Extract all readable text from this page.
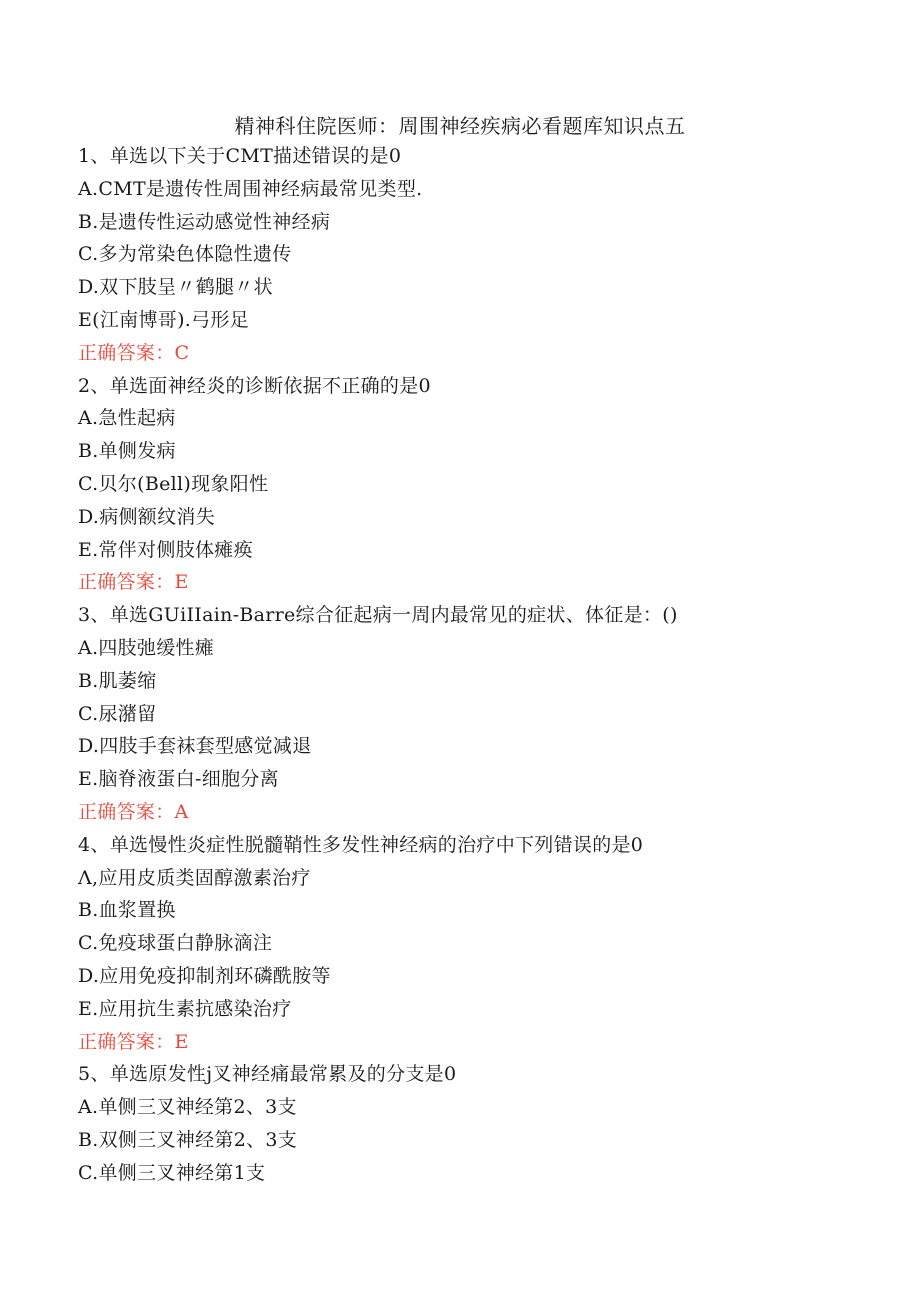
精神科住院医师：周围神经疾病必看题库知识点五
1、单选以下关于CMT描述错误的是0
A.CMT是遗传性周围神经病最常见类型.
B.是遗传性运动感觉性神经病
C.多为常染色体隐性遗传
D.双下肢呈〃鹤腿〃状
E(江南博哥).弓形足
正确答案：C
2、单选面神经炎的诊断依据不正确的是0
A.急性起病
B.单侧发病
C.贝尔(Bell)现象阳性
D.病侧额纹消失
E.常伴对侧肢体瘫痪
正确答案：E
3、单选GUiIIain-Barre综合征起病一周内最常见的症状、体征是：()
A.四肢弛缓性瘫
B.肌萎缩
C.尿潴留
D.四肢手套袜套型感觉减退
E.脑脊液蛋白-细胞分离
正确答案：A
4、单选慢性炎症性脱髓鞘性多发性神经病的治疗中下列错误的是0
Λ,应用皮质类固醇激素治疗
B.血浆置换
C.免疫球蛋白静脉滴注
D.应用免疫抑制剂环磷酰胺等
E.应用抗生素抗感染治疗
正确答案：E
5、单选原发性j叉神经痛最常累及的分支是0
A.单侧三叉神经第2、3支
B.双侧三叉神经第2、3支
C.单侧三叉神经第1支
